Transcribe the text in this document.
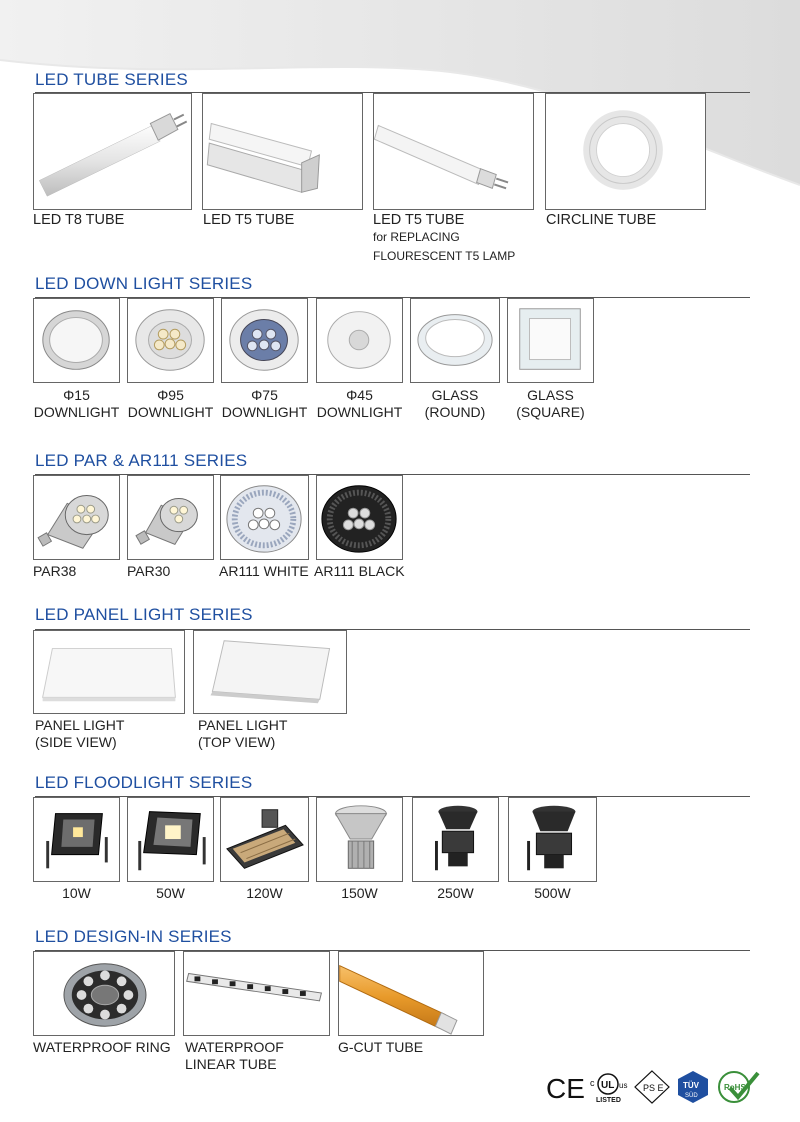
LED TUBE SERIES
LED T8 TUBE	LED T5 TUBE	LED T5 TUBE
for REPLACING
FLOURESCENT T5 LAMP
CIRCLINE TUBE
LED DOWN LIGHT SERIES
Φ15
DOWNLIGHT
Φ95
DOWNLIGHT
Φ75
DOWNLIGHT
Φ45
DOWNLIGHT
GLASS
(ROUND)
GLASS
(SQUARE)
LED PAR & AR111 SERIES
PAR38	PAR30	AR111 WHITE AR111 BLACK
LED PANEL LIGHT SERIES
PANEL LIGHT
(SIDE VIEW)
PANEL LIGHT
(TOP VIEW)
LED FLOODLIGHT SERIES
10W	50W	120W	150W	250W	500W
LED DESIGN-IN SERIES
WATERPROOF RING WATERPROOF
LINEAR TUBE
G-CUT TUBE
CE c UL us
LISTED
PS E TÜV
SÜD
RoHS
